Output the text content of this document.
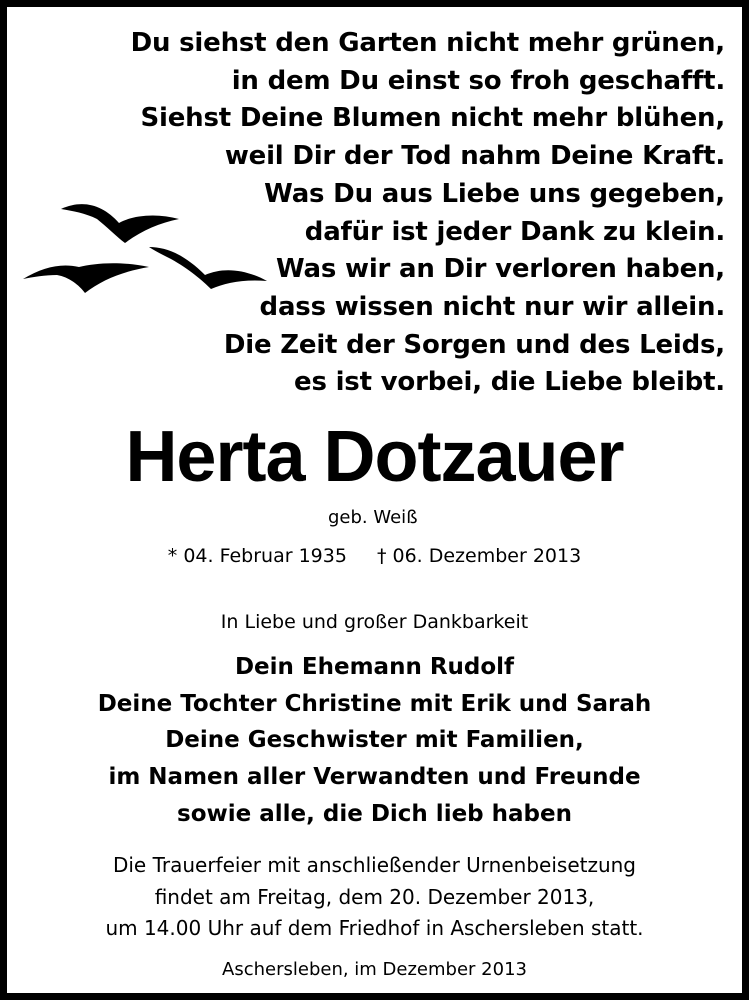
Du siehst den Garten nicht mehr grünen,
in dem Du einst so froh geschafft.
Siehst Deine Blumen nicht mehr blühen,
weil Dir der Tod nahm Deine Kraft.
Was Du aus Liebe uns gegeben,
dafür ist jeder Dank zu klein.
Was wir an Dir verloren haben,
dass wissen nicht nur wir allein.
Die Zeit der Sorgen und des Leids,
es ist vorbei, die Liebe bleibt.
Herta Dotzauer
geb. Weiß
* 04. Februar 1935 † 06. Dezember 2013
In Liebe und großer Dankbarkeit
Dein Ehemann Rudolf
Deine Tochter Christine mit Erik und Sarah
Deine Geschwister mit Familien,
im Namen aller Verwandten und Freunde
sowie alle, die Dich lieb haben
Die Trauerfeier mit anschließender Urnenbeisetzung
findet am Freitag, dem 20. Dezember 2013,
um 14.00 Uhr auf dem Friedhof in Aschersleben statt.
Aschersleben, im Dezember 2013
